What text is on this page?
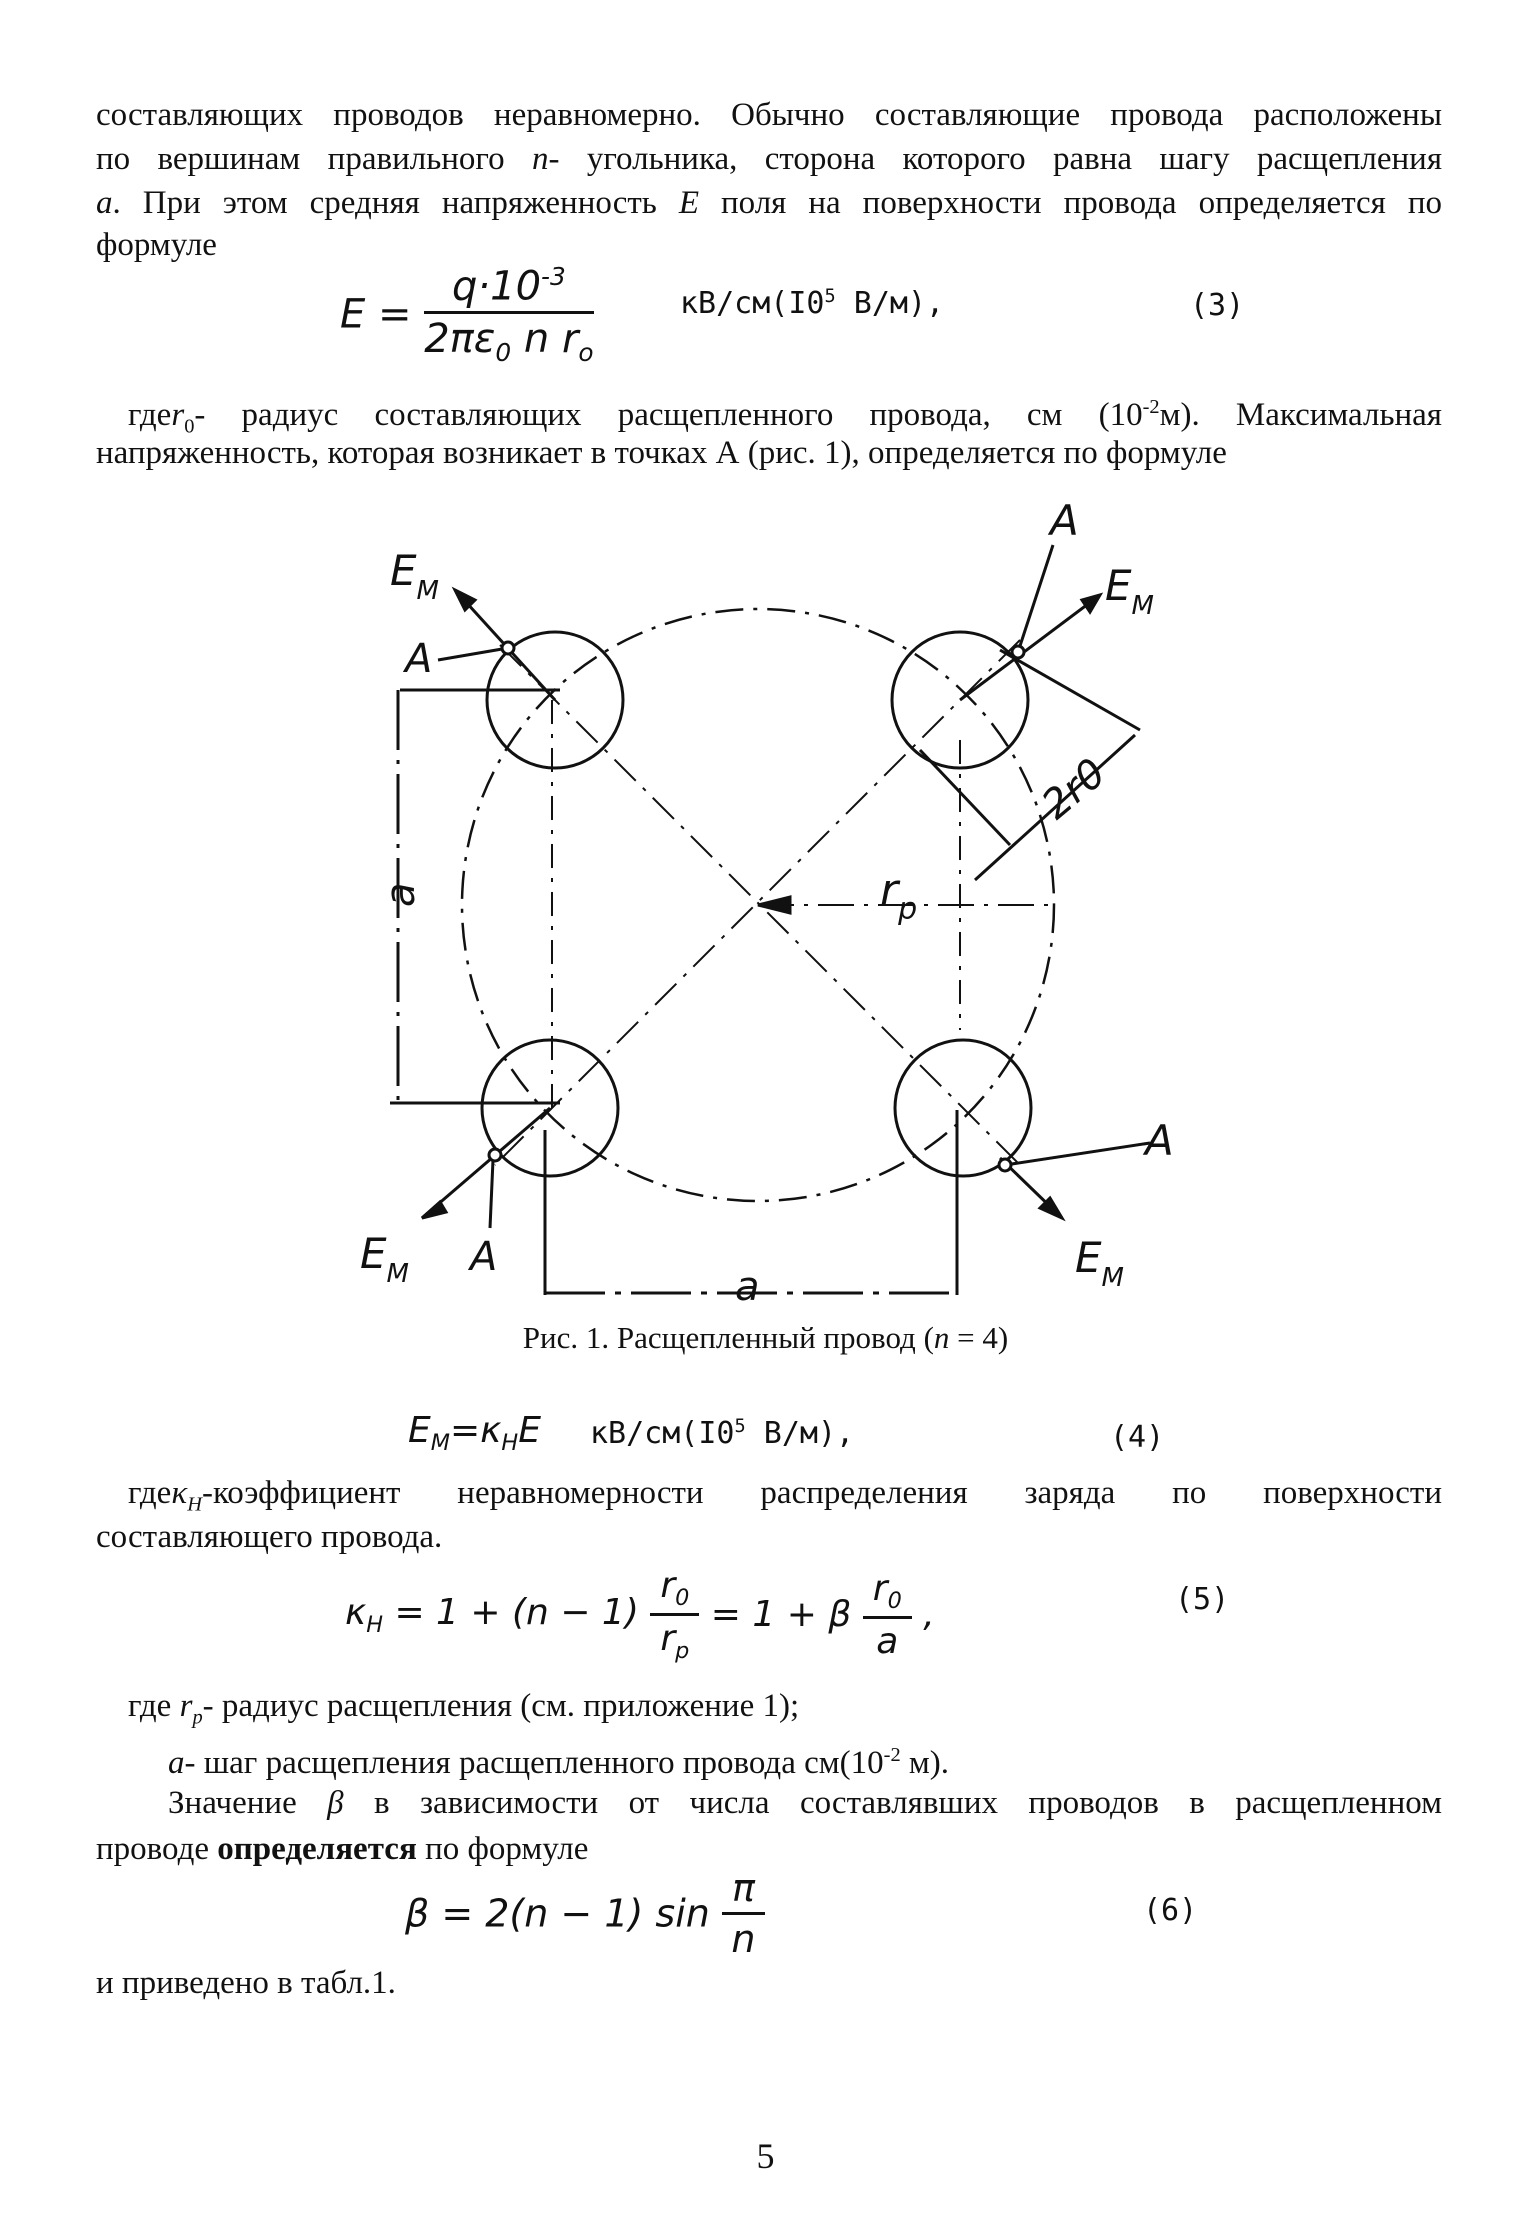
составляющих проводов неравномерно. Обычно составляющие провода расположены
по вершинам правильного n- угольника, сторона которого равна шагу расщепления
a. При этом средняя напряженность E поля на поверхности провода определяется по
формуле
$E = \frac{q\cdot 10^{-3}}{2\pi\varepsilon_0 n r_o}$	$кВ/см(I0^5$ В/м),	(3)
гдеr$_0$- радиус составляющих расщепленного провода, см $(10^{-2}м)$. Максимальная
напряженность, которая возникает в точках А (рис. 1), определяется по формуле
a
a
$r_p$
2r0
$E_M$
A
A
$E_M$
$E_M$ A
A
$E_M$
Рис. 1. Расщепленный провод (n = 4)
$E_M=\kappa_HE$ $кВ/см(I0^5$ В/м),	(4)
гдеκ$_H$-коэффициент неравномерности распределения заряда по поверхности
составляющего провода.
$\kappa_H = 1 + (n - 1) \frac{r_0}{r_p} = 1 + \beta \frac{r_0}{a}$ ,	(5)
где $r_p-$ радиус расщепления (см. приложение 1);
a- шаг расщепления расщепленного провода $см(10^{-2}$ м).
Значение β в зависимости от числа составлявших проводов в расщепленном
проводе определяется по формуле
β = 2(n − 1) $\sin \frac{\pi}{n}$	(6)
и приведено в табл.1.
5
